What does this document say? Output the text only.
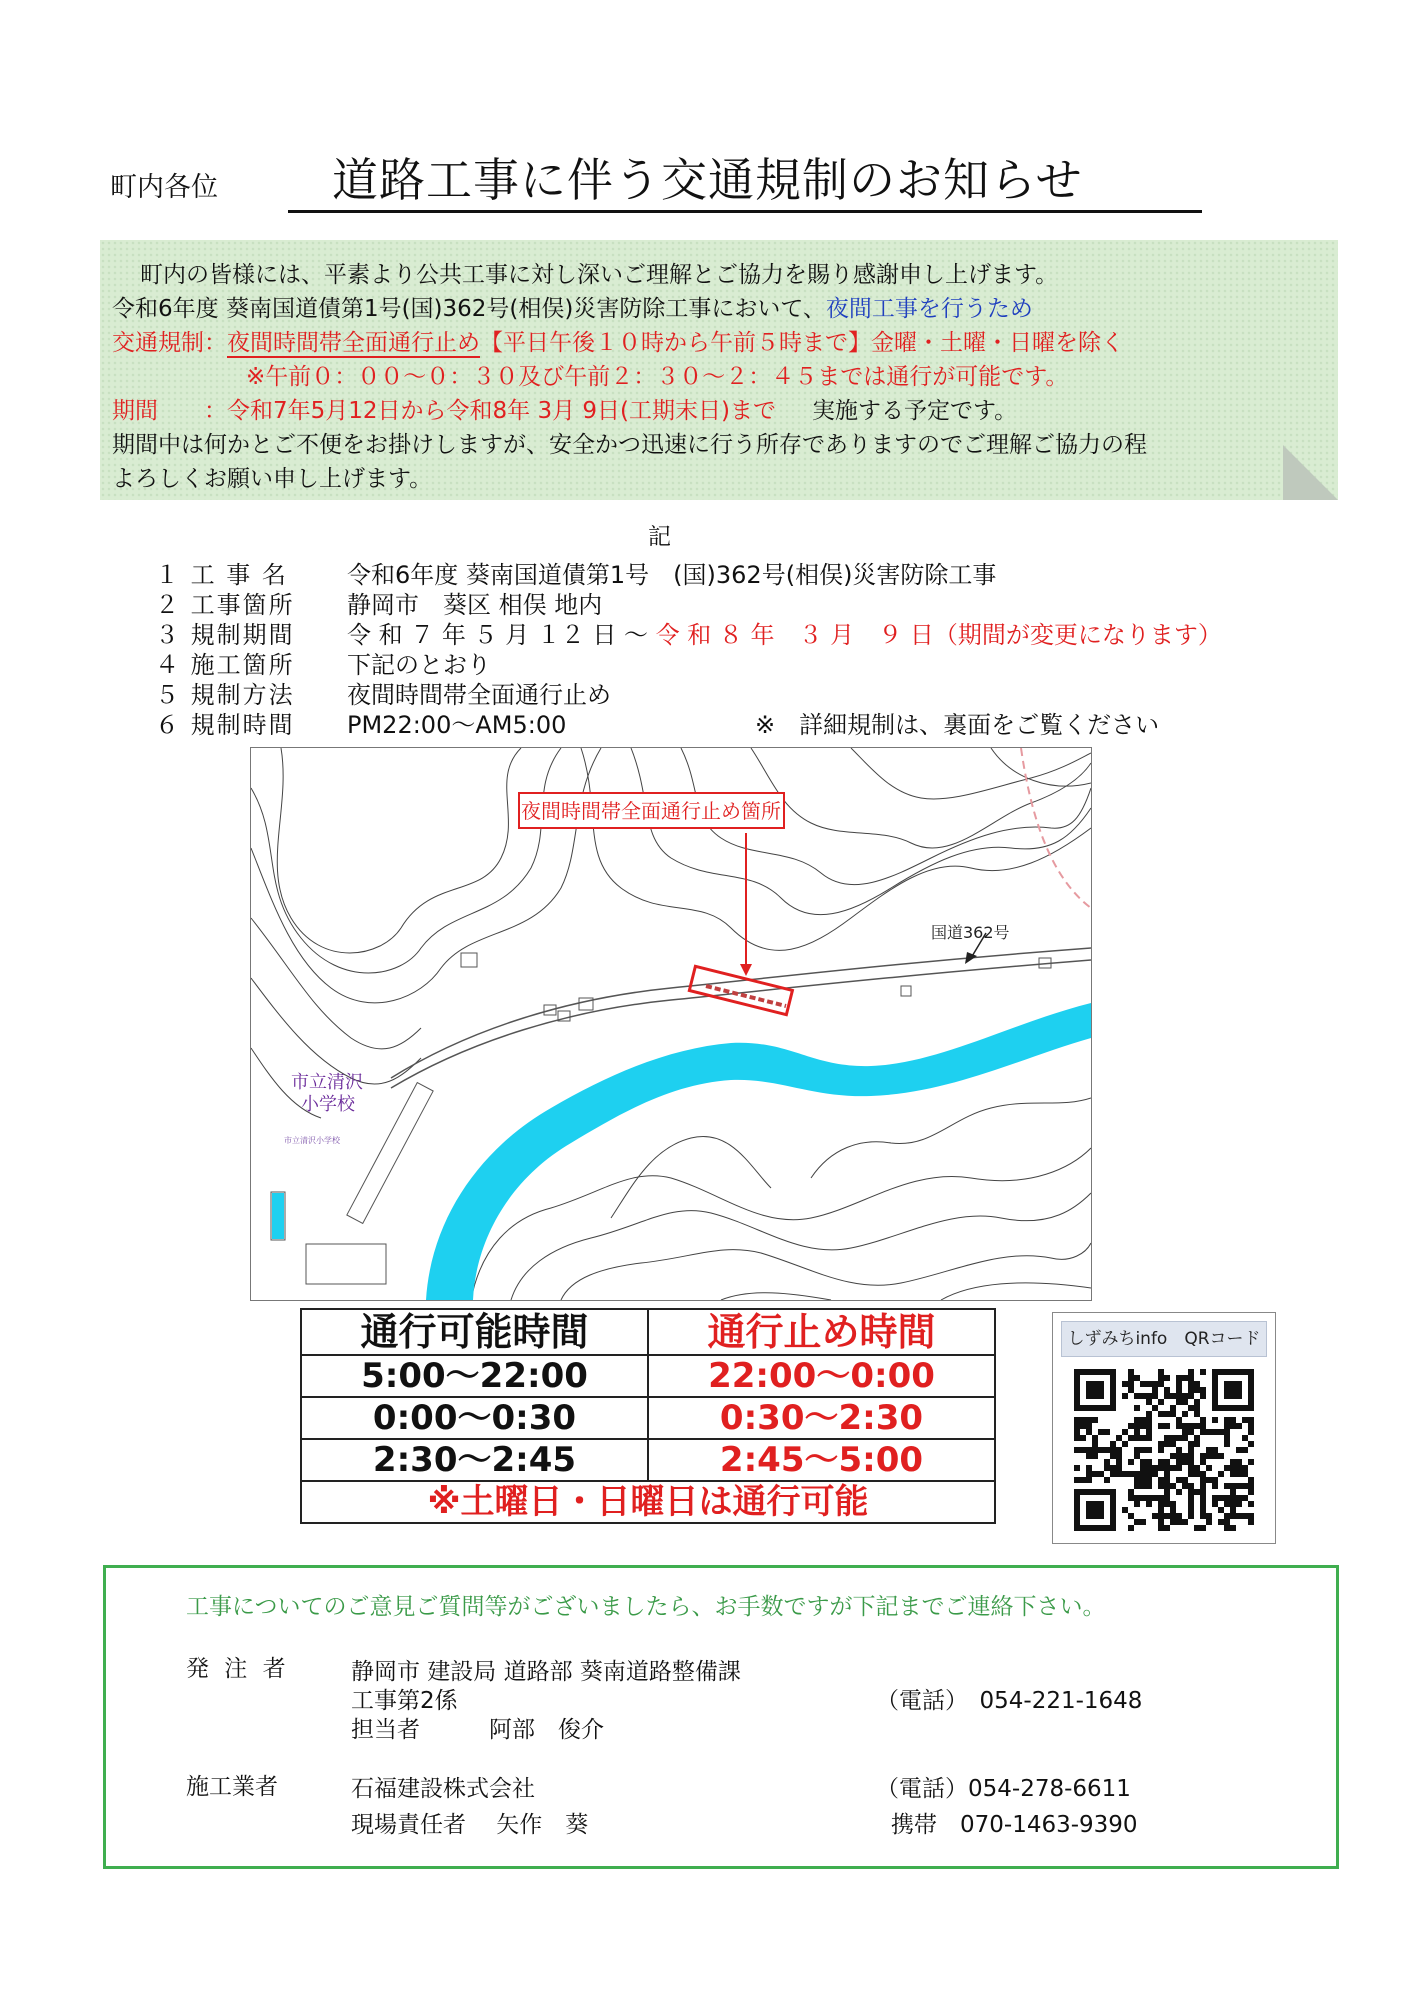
町内各位	道路工事に伴う交通規制のお知らせ
町内の皆様には、平素より公共工事に対し深いご理解とご協力を賜り感謝申し上げます。
令和6年度 葵南国道債第1号(国)362号(相俣)災害防除工事において、夜間工事を行うため
交通規制：夜間時間帯全面通行止め【平日午後１０時から午前５時まで】金曜・土曜・日曜を除く
※午前０：００～０：３０及び午前２：３０～２：４５までは通行が可能です。
期間　　：令和7年5月12日から令和8年 3月 9日(工期末日)まで 実施する予定です。
期間中は何かとご不便をお掛けしますが、安全かつ迅速に行う所存でありますのでご理解ご協力の程
よろしくお願い申し上げます。
記
１ 工 事 名	令和6年度 葵南国道債第1号　(国)362号(相俣)災害防除工事
２ 工事箇所	静岡市　葵区 相俣 地内
３ 規制期間	令 和 ７ 年 ５ 月 １２ 日 ～ 令 和 ８ 年　３ 月　９ 日（期間が変更になります）
４ 施工箇所	下記のとおり
５ 規制方法	夜間時間帯全面通行止め
６ 規制時間	PM22:00～AM5:00	※　詳細規制は、裏面をご覧ください
夜間時間帯全面通行止め箇所
国道362号
市立清沢
小学校
市立清沢小学校
通行可能時間	通行止め時間
5:00～22:00	22:00～0:00
0:00～0:30	0:30～2:30
2:30～2:45	2:45～5:00
※土曜日・日曜日は通行可能	
しずみちinfo　QRコード
工事についてのご意見ご質問等がございましたら、お手数ですが下記までご連絡下さい。
発 注 者	静岡市 建設局 道路部 葵南道路整備課
工事第2係	（電話）　054-221-1648
担当者　　　阿部　俊介
施工業者	石福建設株式会社	（電話）054-278-6611
現場責任者　 矢作　葵	携帯　070-1463-9390
